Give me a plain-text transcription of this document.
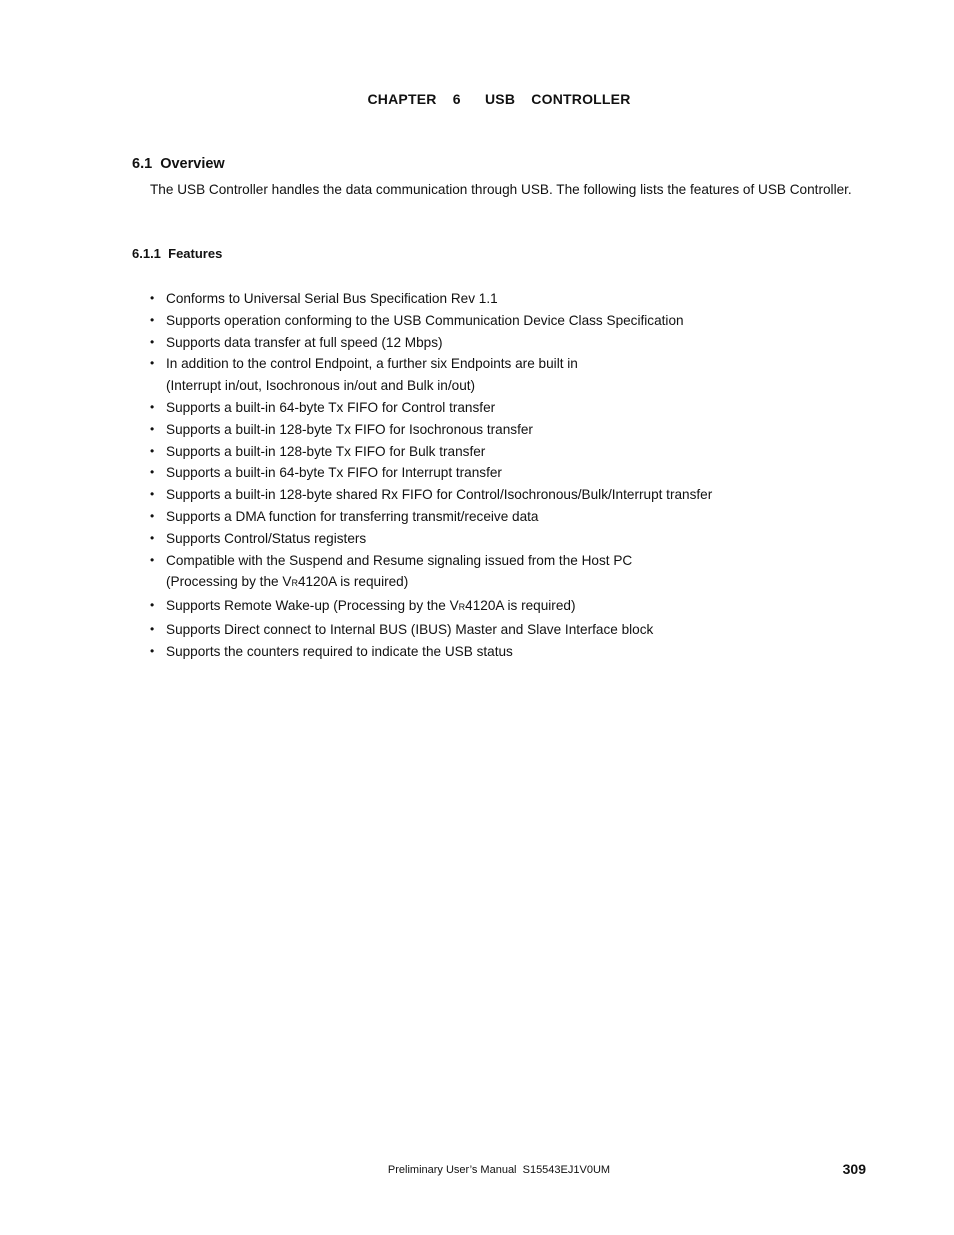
CHAPTER  6   USB  CONTROLLER
6.1  Overview
The USB Controller handles the data communication through USB. The following lists the features of USB Controller.
6.1.1  Features
• Conforms to Universal Serial Bus Specification Rev 1.1
• Supports operation conforming to the USB Communication Device Class Specification
• Supports data transfer at full speed (12 Mbps)
• In addition to the control Endpoint, a further six Endpoints are built in
(Interrupt in/out, Isochronous in/out and Bulk in/out)
• Supports a built-in 64-byte Tx FIFO for Control transfer
• Supports a built-in 128-byte Tx FIFO for Isochronous transfer
• Supports a built-in 128-byte Tx FIFO for Bulk transfer
• Supports a built-in 64-byte Tx FIFO for Interrupt transfer
• Supports a built-in 128-byte shared Rx FIFO for Control/Isochronous/Bulk/Interrupt transfer
• Supports a DMA function for transferring transmit/receive data
• Supports Control/Status registers
• Compatible with the Suspend and Resume signaling issued from the Host PC
(Processing by the VR4120A is required)
• Supports Remote Wake-up (Processing by the VR4120A is required)
• Supports Direct connect to Internal BUS (IBUS) Master and Slave Interface block
• Supports the counters required to indicate the USB status
Preliminary User’s Manual  S15543EJ1V0UM	309
